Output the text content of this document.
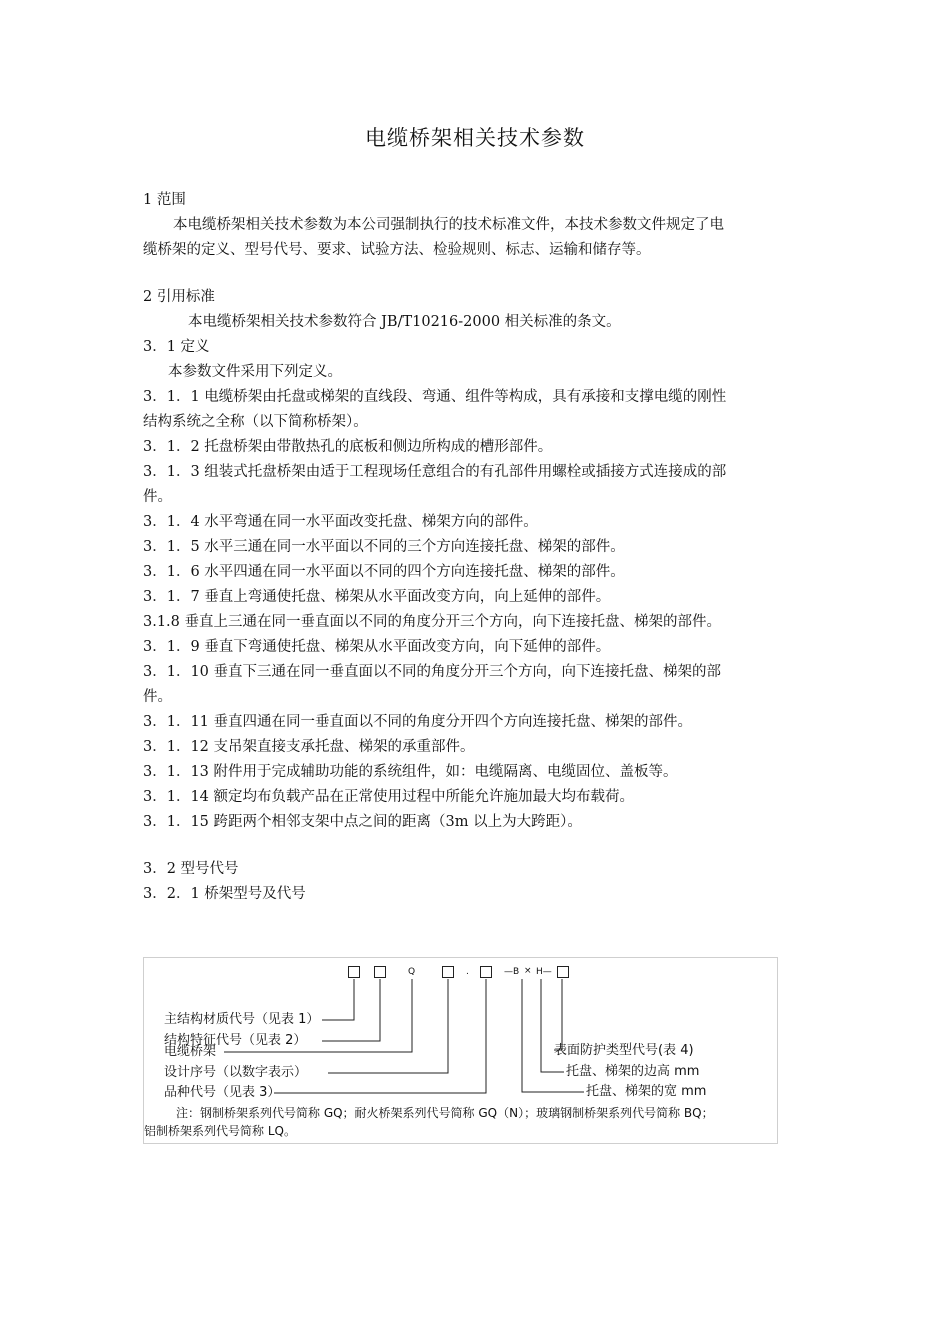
电缆桥架相关技术参数
1 范围
本电缆桥架相关技术参数为本公司强制执行的技术标准文件，本技术参数文件规定了电
缆桥架的定义、型号代号、要求、试验方法、检验规则、标志、运输和储存等。
2 引用标准
本电缆桥架相关技术参数符合 JB/T10216-2000 相关标准的条文。
3．1 定义
本参数文件采用下列定义。
3．1．1 电缆桥架由托盘或梯架的直线段、弯通、组件等构成，具有承接和支撑电缆的刚性
结构系统之全称（以下简称桥架）。
3．1．2 托盘桥架由带散热孔的底板和侧边所构成的槽形部件。
3．1．3 组装式托盘桥架由适于工程现场任意组合的有孔部件用螺栓或插接方式连接成的部
件。
3．1．4 水平弯通在同一水平面改变托盘、梯架方向的部件。
3．1．5 水平三通在同一水平面以不同的三个方向连接托盘、梯架的部件。
3．1．6 水平四通在同一水平面以不同的四个方向连接托盘、梯架的部件。
3．1．7 垂直上弯通使托盘、梯架从水平面改变方向，向上延伸的部件。
3.1.8 垂直上三通在同一垂直面以不同的角度分开三个方向，向下连接托盘、梯架的部件。
3．1．9 垂直下弯通使托盘、梯架从水平面改变方向，向下延伸的部件。
3．1．10 垂直下三通在同一垂直面以不同的角度分开三个方向，向下连接托盘、梯架的部
件。
3．1．11 垂直四通在同一垂直面以不同的角度分开四个方向连接托盘、梯架的部件。
3．1．12 支吊架直接支承托盘、梯架的承重部件。
3．1．13 附件用于完成辅助功能的系统组件，如：电缆隔离、电缆固位、盖板等。
3．1．14 额定均布负载产品在正常使用过程中所能允许施加最大均布载荷。
3．1．15 跨距两个相邻支架中点之间的距离（3m 以上为大跨距）。
3．2 型号代号
3．2．1 桥架型号及代号
Q	.	—B × H—
主结构材质代号（见表 1）
结构特征代号（见表 2）
电缆桥架
设计序号（以数字表示）
品种代号（见表 3）
表面防护类型代号(表 4)
托盘、梯架的边高 mm
托盘、梯架的宽 mm
注：钢制桥架系列代号简称 GQ；耐火桥架系列代号简称 GQ（N）；玻璃钢制桥架系列代号简称 BQ；
铝制桥架系列代号简称 LQ。
